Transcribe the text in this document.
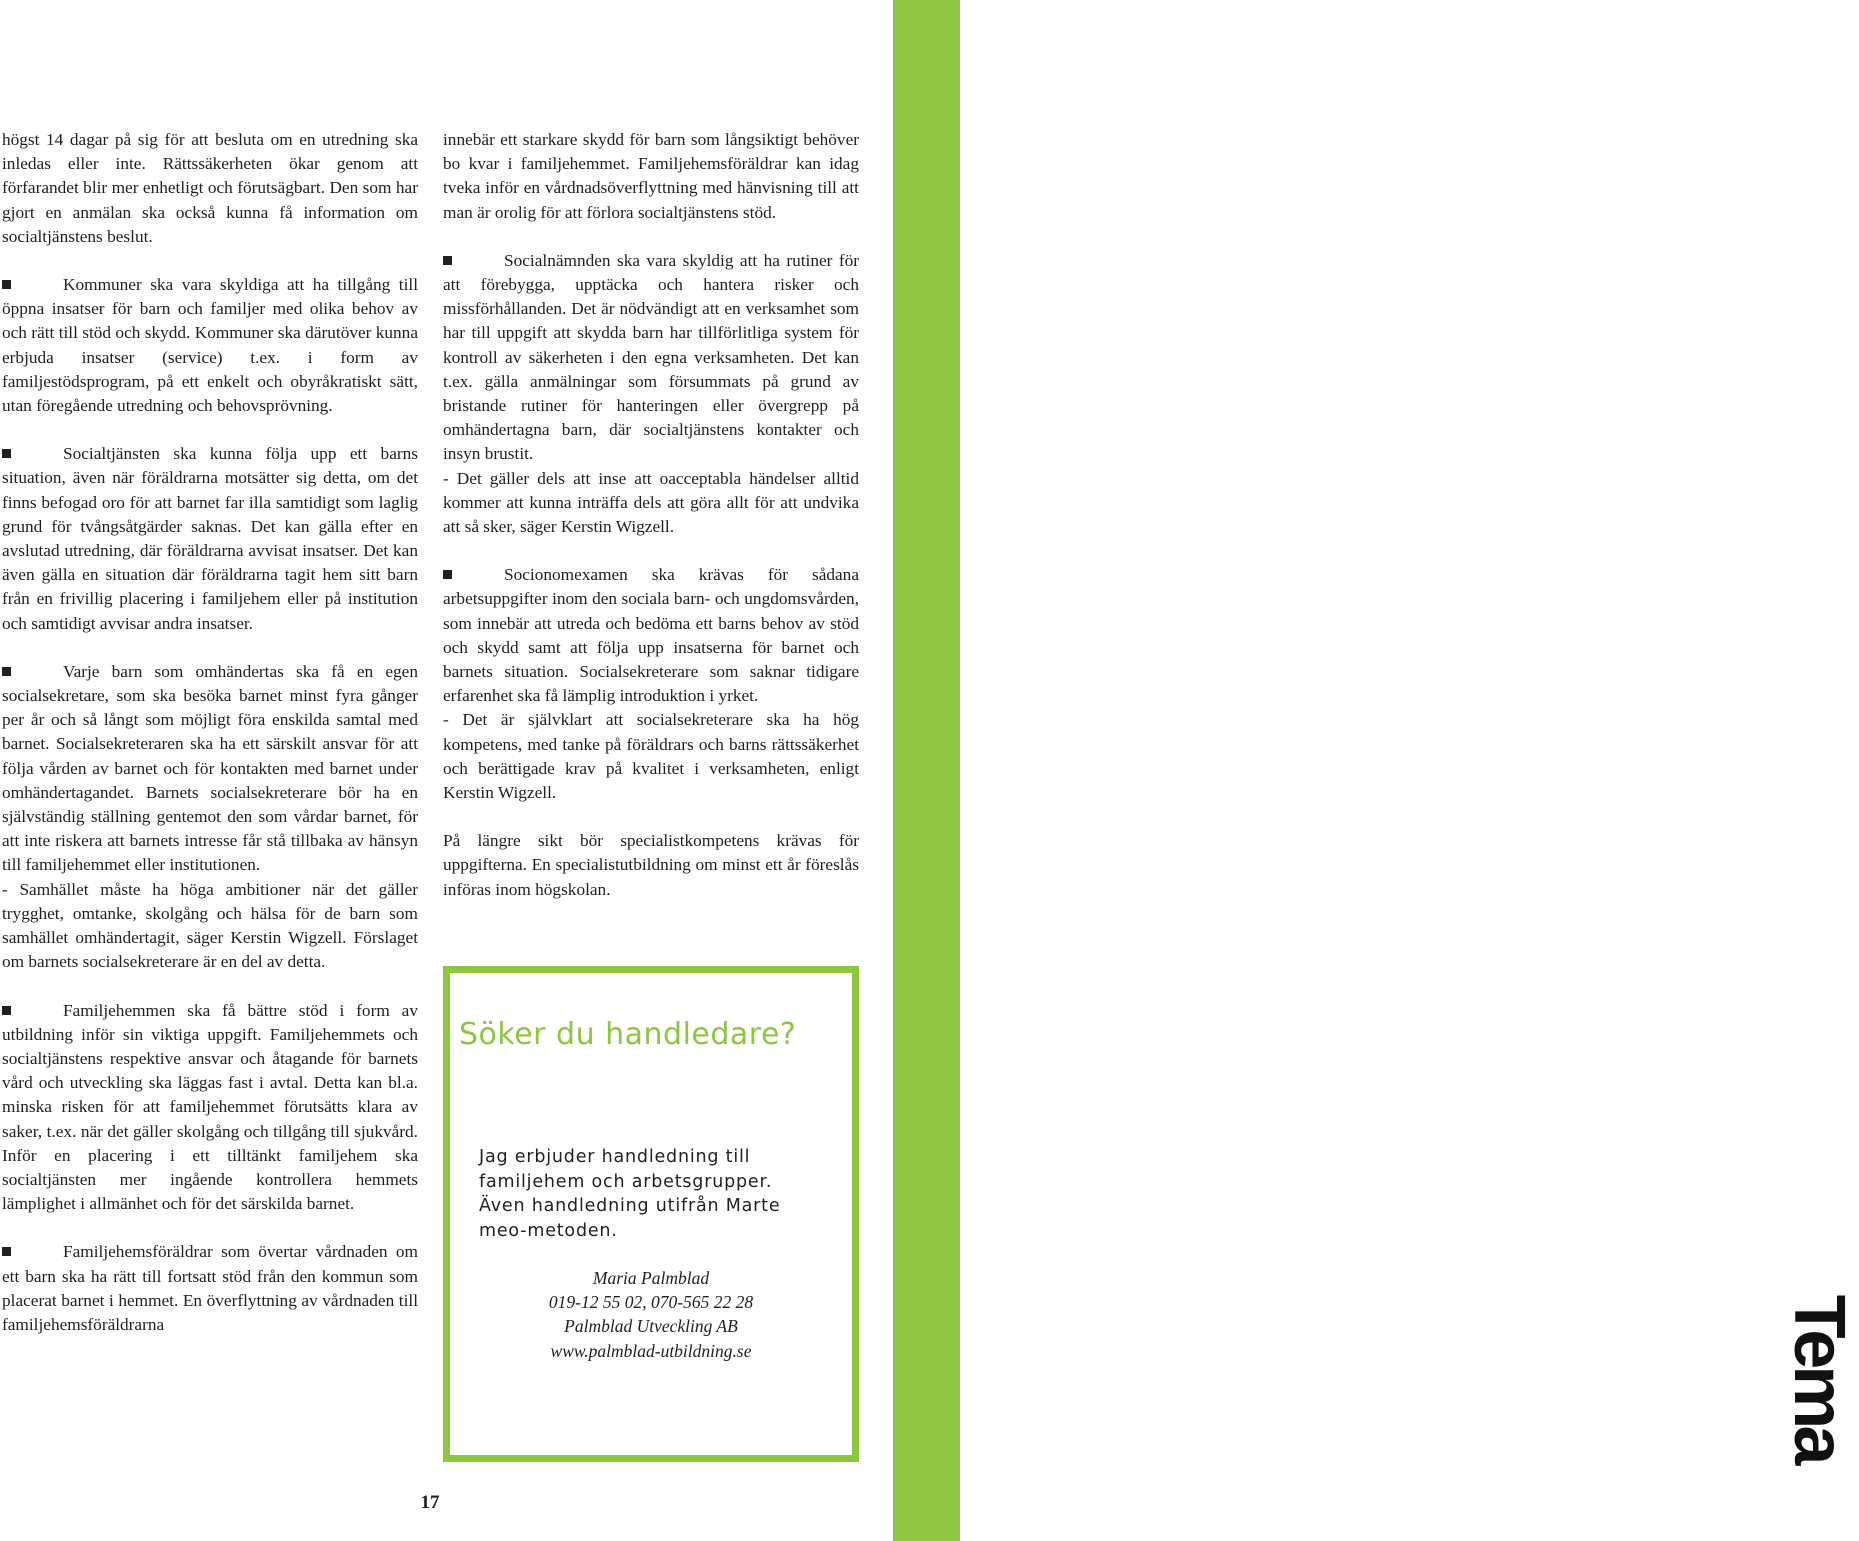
Tema

högst 14 dagar på sig för att besluta om en utredning ska inledas eller inte. Rättssäkerheten ökar genom att förfarandet blir mer enhetligt och förutsägbart. Den som har gjort en anmälan ska också kunna få information om socialtjänstens beslut.

Kommuner ska vara skyldiga att ha tillgång till öppna insatser för barn och familjer med olika behov av och rätt till stöd och skydd. Kommuner ska därutöver kunna erbjuda insatser (service) t.ex. i form av familjestödsprogram, på ett enkelt och obyråkratiskt sätt, utan föregående utredning och behovsprövning.

Socialtjänsten ska kunna följa upp ett barns situation, även när föräldrarna motsätter sig detta, om det finns befogad oro för att barnet far illa samtidigt som laglig grund för tvångsåtgärder saknas. Det kan gälla efter en avslutad utredning, där föräldrarna avvisat insatser. Det kan även gälla en situation där föräldrarna tagit hem sitt barn från en frivillig placering i familjehem eller på institution och samtidigt avvisar andra insatser.

Varje barn som omhändertas ska få en egen socialsekretare, som ska besöka barnet minst fyra gånger per år och så långt som möjligt föra enskilda samtal med barnet. Socialsekreteraren ska ha ett särskilt ansvar för att följa vården av barnet och för kontakten med barnet under omhändertagandet. Barnets socialsekreterare bör ha en självständig ställning gentemot den som vårdar barnet, för att inte riskera att barnets intresse får stå tillbaka av hänsyn till familjehemmet eller institutionen.

- Samhället måste ha höga ambitioner när det gäller trygghet, omtanke, skolgång och hälsa för de barn som samhället omhändertagit, säger Kerstin Wigzell. Förslaget om barnets socialsekreterare är en del av detta.

Familjehemmen ska få bättre stöd i form av utbildning inför sin viktiga uppgift. Familjehemmets och socialtjänstens respektive ansvar och åtagande för barnets vård och utveckling ska läggas fast i avtal. Detta kan bl.a. minska risken för att familjehemmet förutsätts klara av saker, t.ex. när det gäller skolgång och tillgång till sjukvård. Inför en placering i ett tilltänkt familjehem ska socialtjänsten mer ingående kontrollera hemmets lämplighet i allmänhet och för det särskilda barnet.

Familjehemsföräldrar som övertar vårdnaden om ett barn ska ha rätt till fortsatt stöd från den kommun som placerat barnet i hemmet. En överflyttning av vårdnaden till familjehemsföräldrarna

innebär ett starkare skydd för barn som långsiktigt behöver bo kvar i familjehemmet. Familjehemsföräldrar kan idag tveka inför en vårdnadsöverflyttning med hänvisning till att man är orolig för att förlora socialtjänstens stöd.

Socialnämnden ska vara skyldig att ha rutiner för att förebygga, upptäcka och hantera risker och missförhållanden. Det är nödvändigt att en verksamhet som har till uppgift att skydda barn har tillförlitliga system för kontroll av säkerheten i den egna verksamheten. Det kan t.ex. gälla anmälningar som försummats på grund av bristande rutiner för hanteringen eller övergrepp på omhändertagna barn, där socialtjänstens kontakter och insyn brustit.

- Det gäller dels att inse att oacceptabla händelser alltid kommer att kunna inträffa dels att göra allt för att undvika att så sker, säger Kerstin Wigzell.

Socionomexamen ska krävas för sådana arbetsuppgifter inom den sociala barn- och ungdomsvården, som innebär att utreda och bedöma ett barns behov av stöd och skydd samt att följa upp insatserna för barnet och barnets situation. Socialsekreterare som saknar tidigare erfarenhet ska få lämplig introduktion i yrket.

- Det är självklart att socialsekreterare ska ha hög kompetens, med tanke på föräldrars och barns rättssäkerhet och berättigade krav på kvalitet i verksamheten, enligt Kerstin Wigzell.

På längre sikt bör specialistkompetens krävas för uppgifterna. En specialistutbildning om minst ett år föreslås införas inom högskolan.

Söker du handledare?
Jag erbjuder handledning till familjehem och arbetsgrupper. Även handledning utifrån Marte meo-metoden.
Maria Palmblad
019-12 55 02, 070-565 22 28
Palmblad Utveckling AB
www.palmblad-utbildning.se
17
